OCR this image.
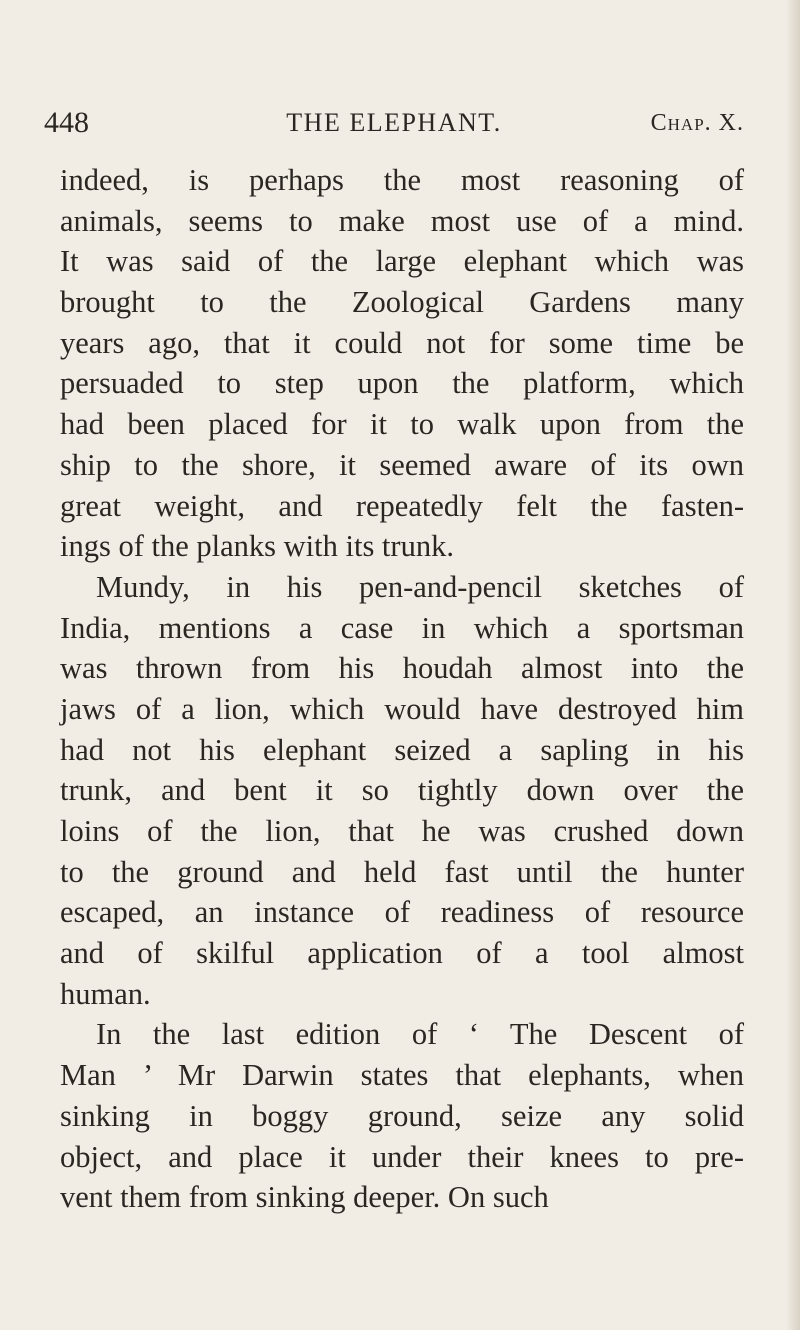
448	THE ELEPHANT.	Chap. X.
indeed, is perhaps the most reasoning of
animals, seems to make most use of a mind.
It was said of the large elephant which was
brought to the Zoological Gardens many
years ago, that it could not for some time be
persuaded to step upon the platform, which
had been placed for it to walk upon from the
ship to the shore, it seemed aware of its own
great weight, and repeatedly felt the fasten-
ings of the planks with its trunk.
Mundy, in his pen-and-pencil sketches of
India, mentions a case in which a sportsman
was thrown from his houdah almost into the
jaws of a lion, which would have destroyed him
had not his elephant seized a sapling in his
trunk, and bent it so tightly down over the
loins of the lion, that he was crushed down
to the ground and held fast until the hunter
escaped, an instance of readiness of resource
and of skilful application of a tool almost
human.
In the last edition of ‘ The Descent of
Man ’ Mr Darwin states that elephants, when
sinking in boggy ground, seize any solid
object, and place it under their knees to pre-
vent them from sinking deeper. On such
